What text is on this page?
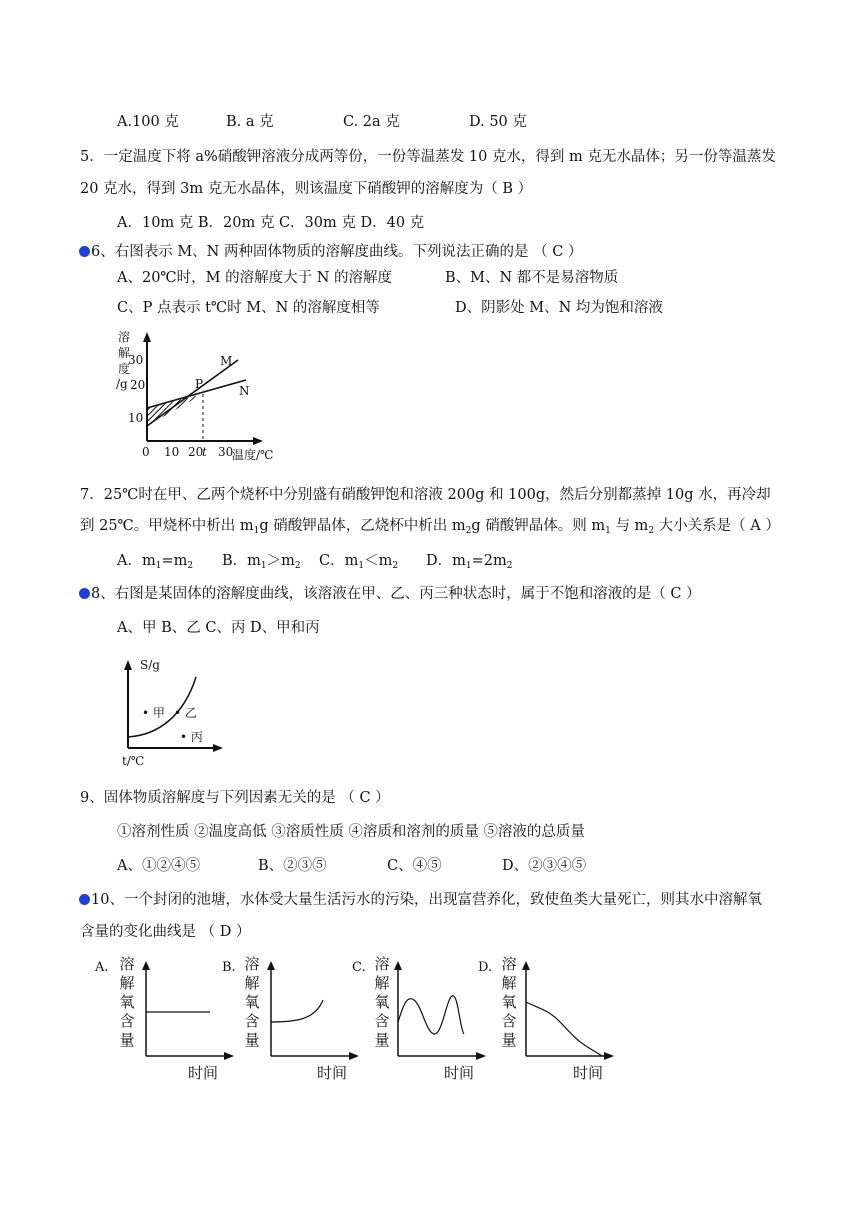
A.100 克	B. a 克	C. 2a 克	D. 50 克
5．一定温度下将 a%硝酸钾溶液分成两等份，一份等温蒸发 10 克水，得到 m 克无水晶体；另一份等温蒸发
20 克水，得到 3m 克无水晶体，则该温度下硝酸钾的溶解度为（ B ）
A．10m 克 B．20m 克 C．30m 克 D．40 克
6、右图表示 M、N 两种固体物质的溶解度曲线。下列说法正确的是 （ C ）
A、20℃时，M 的溶解度大于 N 的溶解度	B、M、N 都不是易溶物质
C、P 点表示 t℃时 M、N 的溶解度相等	D、阴影处 M、N 均为饱和溶液
溶
解
度
/g
30
20
10
0 10 20
t 30
温度/℃
M
N
P
7．25℃时在甲、乙两个烧杯中分别盛有硝酸钾饱和溶液 200g 和 100g，然后分别都蒸掉 10g 水，再冷却
到 25℃。甲烧杯中析出 $m_1g$ 硝酸钾晶体，乙烧杯中析出 $m_2g$ 硝酸钾晶体。则 $m_1$ 与 $m_2$ 大小关系是（ A ）
A．$m_1=m_2$ B．$m_1>m_2$ C．$m_1<m_2$ D．$m_1=2m_2$
8、右图是某固体的溶解度曲线，该溶液在甲、乙、丙三种状态时，属于不饱和溶液的是（ C ）
A、甲 B、乙 C、丙 D、甲和丙
S/g
t/℃
• 甲 • 乙
• 丙
9、固体物质溶解度与下列因素无关的是 （ C ）
①溶剂性质 ②温度高低 ③溶质性质 ④溶质和溶剂的质量 ⑤溶液的总质量
A、①②④⑤	B、②③⑤	C、④⑤	D、②③④⑤
10、一个封闭的池塘，水体受大量生活污水的污染，出现富营养化，致使鱼类大量死亡，则其水中溶解氧
含量的变化曲线是 （ D ）
A. 溶
解
氧
含
量
时间
B. 溶
解
氧
含
量
时间
C. 溶
解
氧
含
量
时间
D. 溶
解
氧
含
量
时间
